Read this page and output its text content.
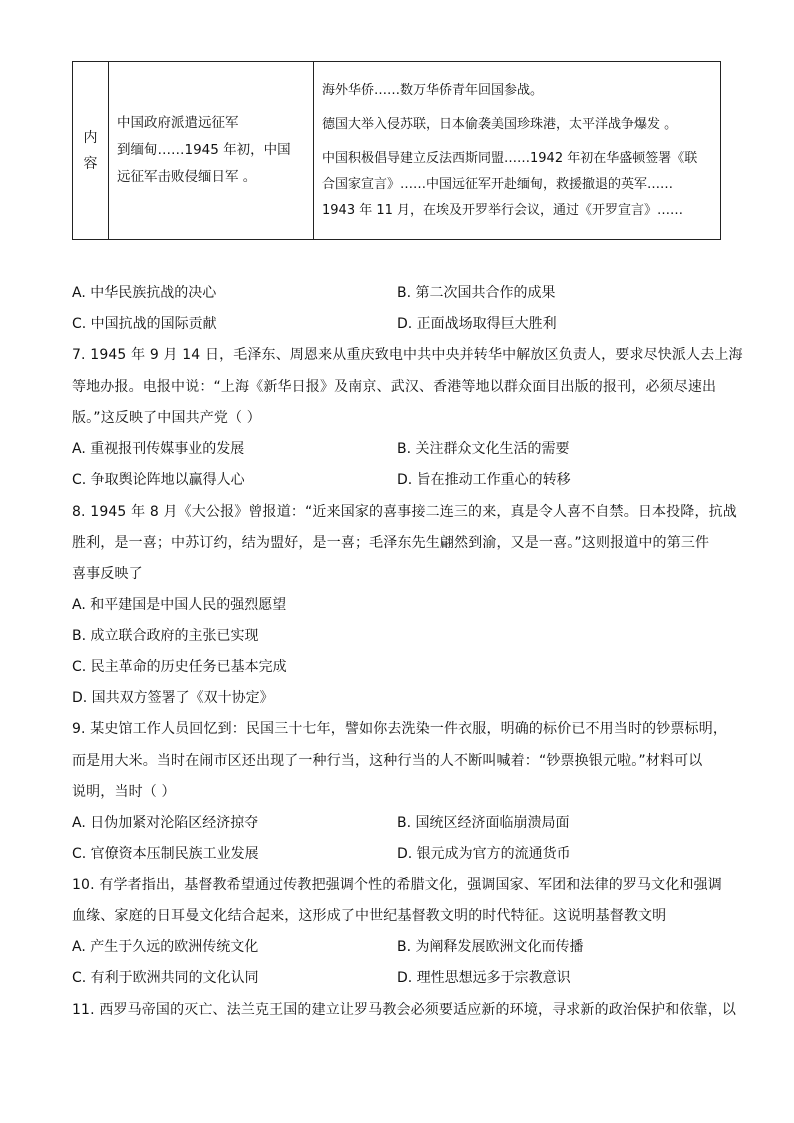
内
容

中国政府派遣远征军
到缅甸……1945 年初，中国
远征军击败侵缅日军 。

海外华侨……数万华侨青年回国参战。
德国大举入侵苏联，日本偷袭美国珍珠港，太平洋战争爆发 。
中国积极倡导建立反法西斯同盟……1942 年初在华盛顿签署《联
合国家宣言》……中国远征军开赴缅甸，救援撤退的英军……
1943 年 11 月，在埃及开罗举行会议，通过《开罗宣言》……
A. 中华民族抗战的决心	B. 第二次国共合作的成果
C. 中国抗战的国际贡献	D. 正面战场取得巨大胜利
7. 1945 年 9 月 14 日，毛泽东、周恩来从重庆致电中共中央并转华中解放区负责人，要求尽快派人去上海
等地办报。电报中说：“上海《新华日报》及南京、武汉、香港等地以群众面目出版的报刊，必须尽速出
版。”这反映了中国共产党（ ）
A. 重视报刊传媒事业的发展	B. 关注群众文化生活的需要
C. 争取舆论阵地以赢得人心	D. 旨在推动工作重心的转移
8. 1945 年 8 月《大公报》曾报道：“近来国家的喜事接二连三的来，真是令人喜不自禁。日本投降，抗战
胜利，是一喜；中苏订约，结为盟好，是一喜；毛泽东先生翩然到渝，又是一喜。”这则报道中的第三件
喜事反映了
A. 和平建国是中国人民的强烈愿望
B. 成立联合政府的主张已实现
C. 民主革命的历史任务已基本完成
D. 国共双方签署了《双十协定》
9. 某史馆工作人员回忆到：民国三十七年，譬如你去洗染一件衣服，明确的标价已不用当时的钞票标明，
而是用大米。当时在闹市区还出现了一种行当，这种行当的人不断叫喊着：“钞票换银元啦。”材料可以
说明，当时（ ）
A. 日伪加紧对沦陷区经济掠夺	B. 国统区经济面临崩溃局面
C. 官僚资本压制民族工业发展	D. 银元成为官方的流通货币
10. 有学者指出，基督教希望通过传教把强调个性的希腊文化，强调国家、军团和法律的罗马文化和强调
血缘、家庭的日耳曼文化结合起来，这形成了中世纪基督教文明的时代特征。这说明基督教文明
A. 产生于久远的欧洲传统文化	B. 为阐释发展欧洲文化而传播
C. 有利于欧洲共同的文化认同	D. 理性思想远多于宗教意识
11. 西罗马帝国的灭亡、法兰克王国的建立让罗马教会必须要适应新的环境，寻求新的政治保护和依靠，以
